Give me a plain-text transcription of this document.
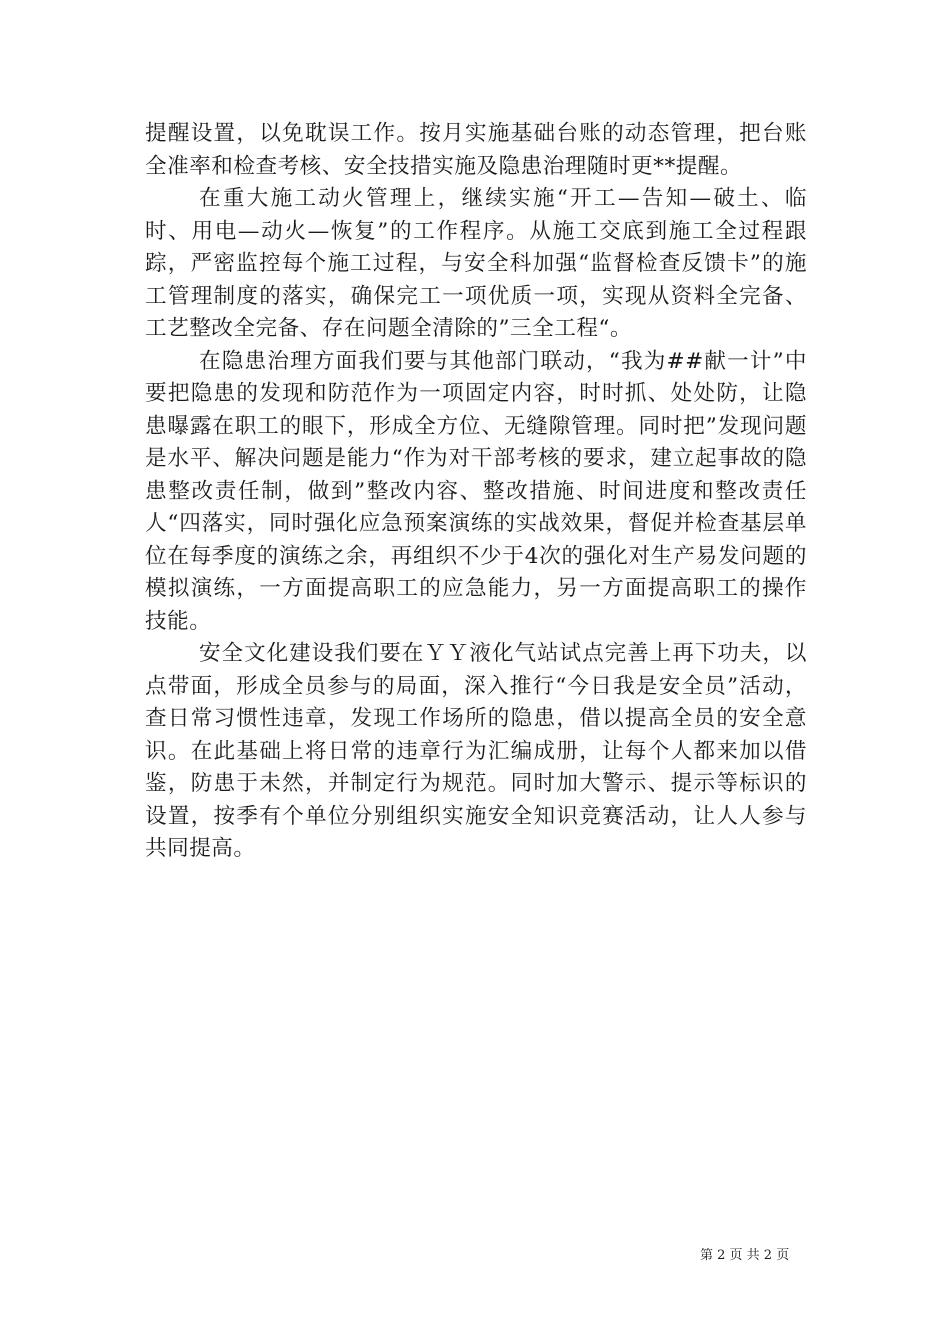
提醒设置，以免耽误工作。按月实施基础台账的动态管理，把台账全准率和检查考核、安全技措实施及隐患治理随时更**提醒。

在重大施工动火管理上，继续实施“开工—告知—破土、临时、用电—动火—恢复”的工作程序。从施工交底到施工全过程跟踪，严密监控每个施工过程，与安全科加强“监督检查反馈卡”的施工管理制度的落实，确保完工一项优质一项，实现从资料全完备、工艺整改全完备、存在问题全清除的”三全工程“。

在隐患治理方面我们要与其他部门联动，“我为##献一计”中要把隐患的发现和防范作为一项固定内容，时时抓、处处防，让隐患曝露在职工的眼下，形成全方位、无缝隙管理。同时把”发现问题是水平、解决问题是能力“作为对干部考核的要求，建立起事故的隐患整改责任制，做到”整改内容、整改措施、时间进度和整改责任人“四落实，同时强化应急预案演练的实战效果，督促并检查基层单位在每季度的演练之余，再组织不少于4次的强化对生产易发问题的模拟演练，一方面提高职工的应急能力，另一方面提高职工的操作技能。

安全文化建设我们要在ＹＹ液化气站试点完善上再下功夫，以点带面，形成全员参与的局面，深入推行“今日我是安全员”活动，查日常习惯性违章，发现工作场所的隐患，借以提高全员的安全意识。在此基础上将日常的违章行为汇编成册，让每个人都来加以借鉴，防患于未然，并制定行为规范。同时加大警示、提示等标识的设置，按季有个单位分别组织实施安全知识竞赛活动，让人人参与共同提高。

第 2 页 共 2 页
